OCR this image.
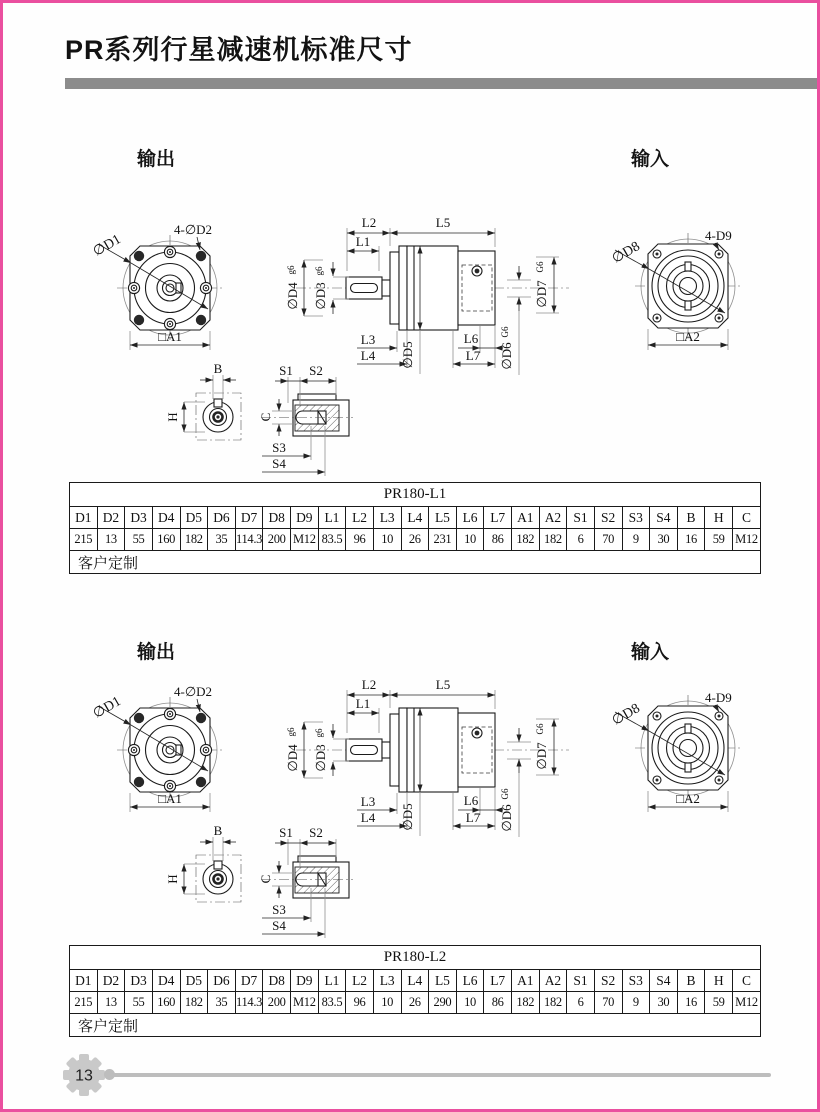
PR系列行星减速机标准尺寸
输出	输入
∅D1
4-∅D2
□A1
L2	L5
L1
L3
L4
L6
L7
∅D4
g6
∅D3
g6
∅D5	∅D6
G6
∅D7
G6
∅D8
4-D9
□A2
B
H
S1 S2
C
S3
S4
PR180-L1																								
D1	D2	D3	D4	D5	D6	D7	D8	D9	L1	L2	L3	L4	L5	L6	L7	A1	A2	S1	S2	S3	S4	B	H	C
215	13	55	160	182	35	114.3	200	M12	83.5	96	10	26	231	10	86	182	182	6	70	9	30	16	59	M12
客户定制																								
输出	输入
∅D1
4-∅D2
□A1
L2	L5
L1
L3
L4
L6
L7
∅D4
g6
∅D3
g6
∅D5	∅D6
G6
∅D7
G6
∅D8
4-D9
□A2
B
H
S1 S2
C
S3
S4
PR180-L2																								
D1	D2	D3	D4	D5	D6	D7	D8	D9	L1	L2	L3	L4	L5	L6	L7	A1	A2	S1	S2	S3	S4	B	H	C
215	13	55	160	182	35	114.3	200	M12	83.5	96	10	26	290	10	86	182	182	6	70	9	30	16	59	M12
客户定制																								
13
